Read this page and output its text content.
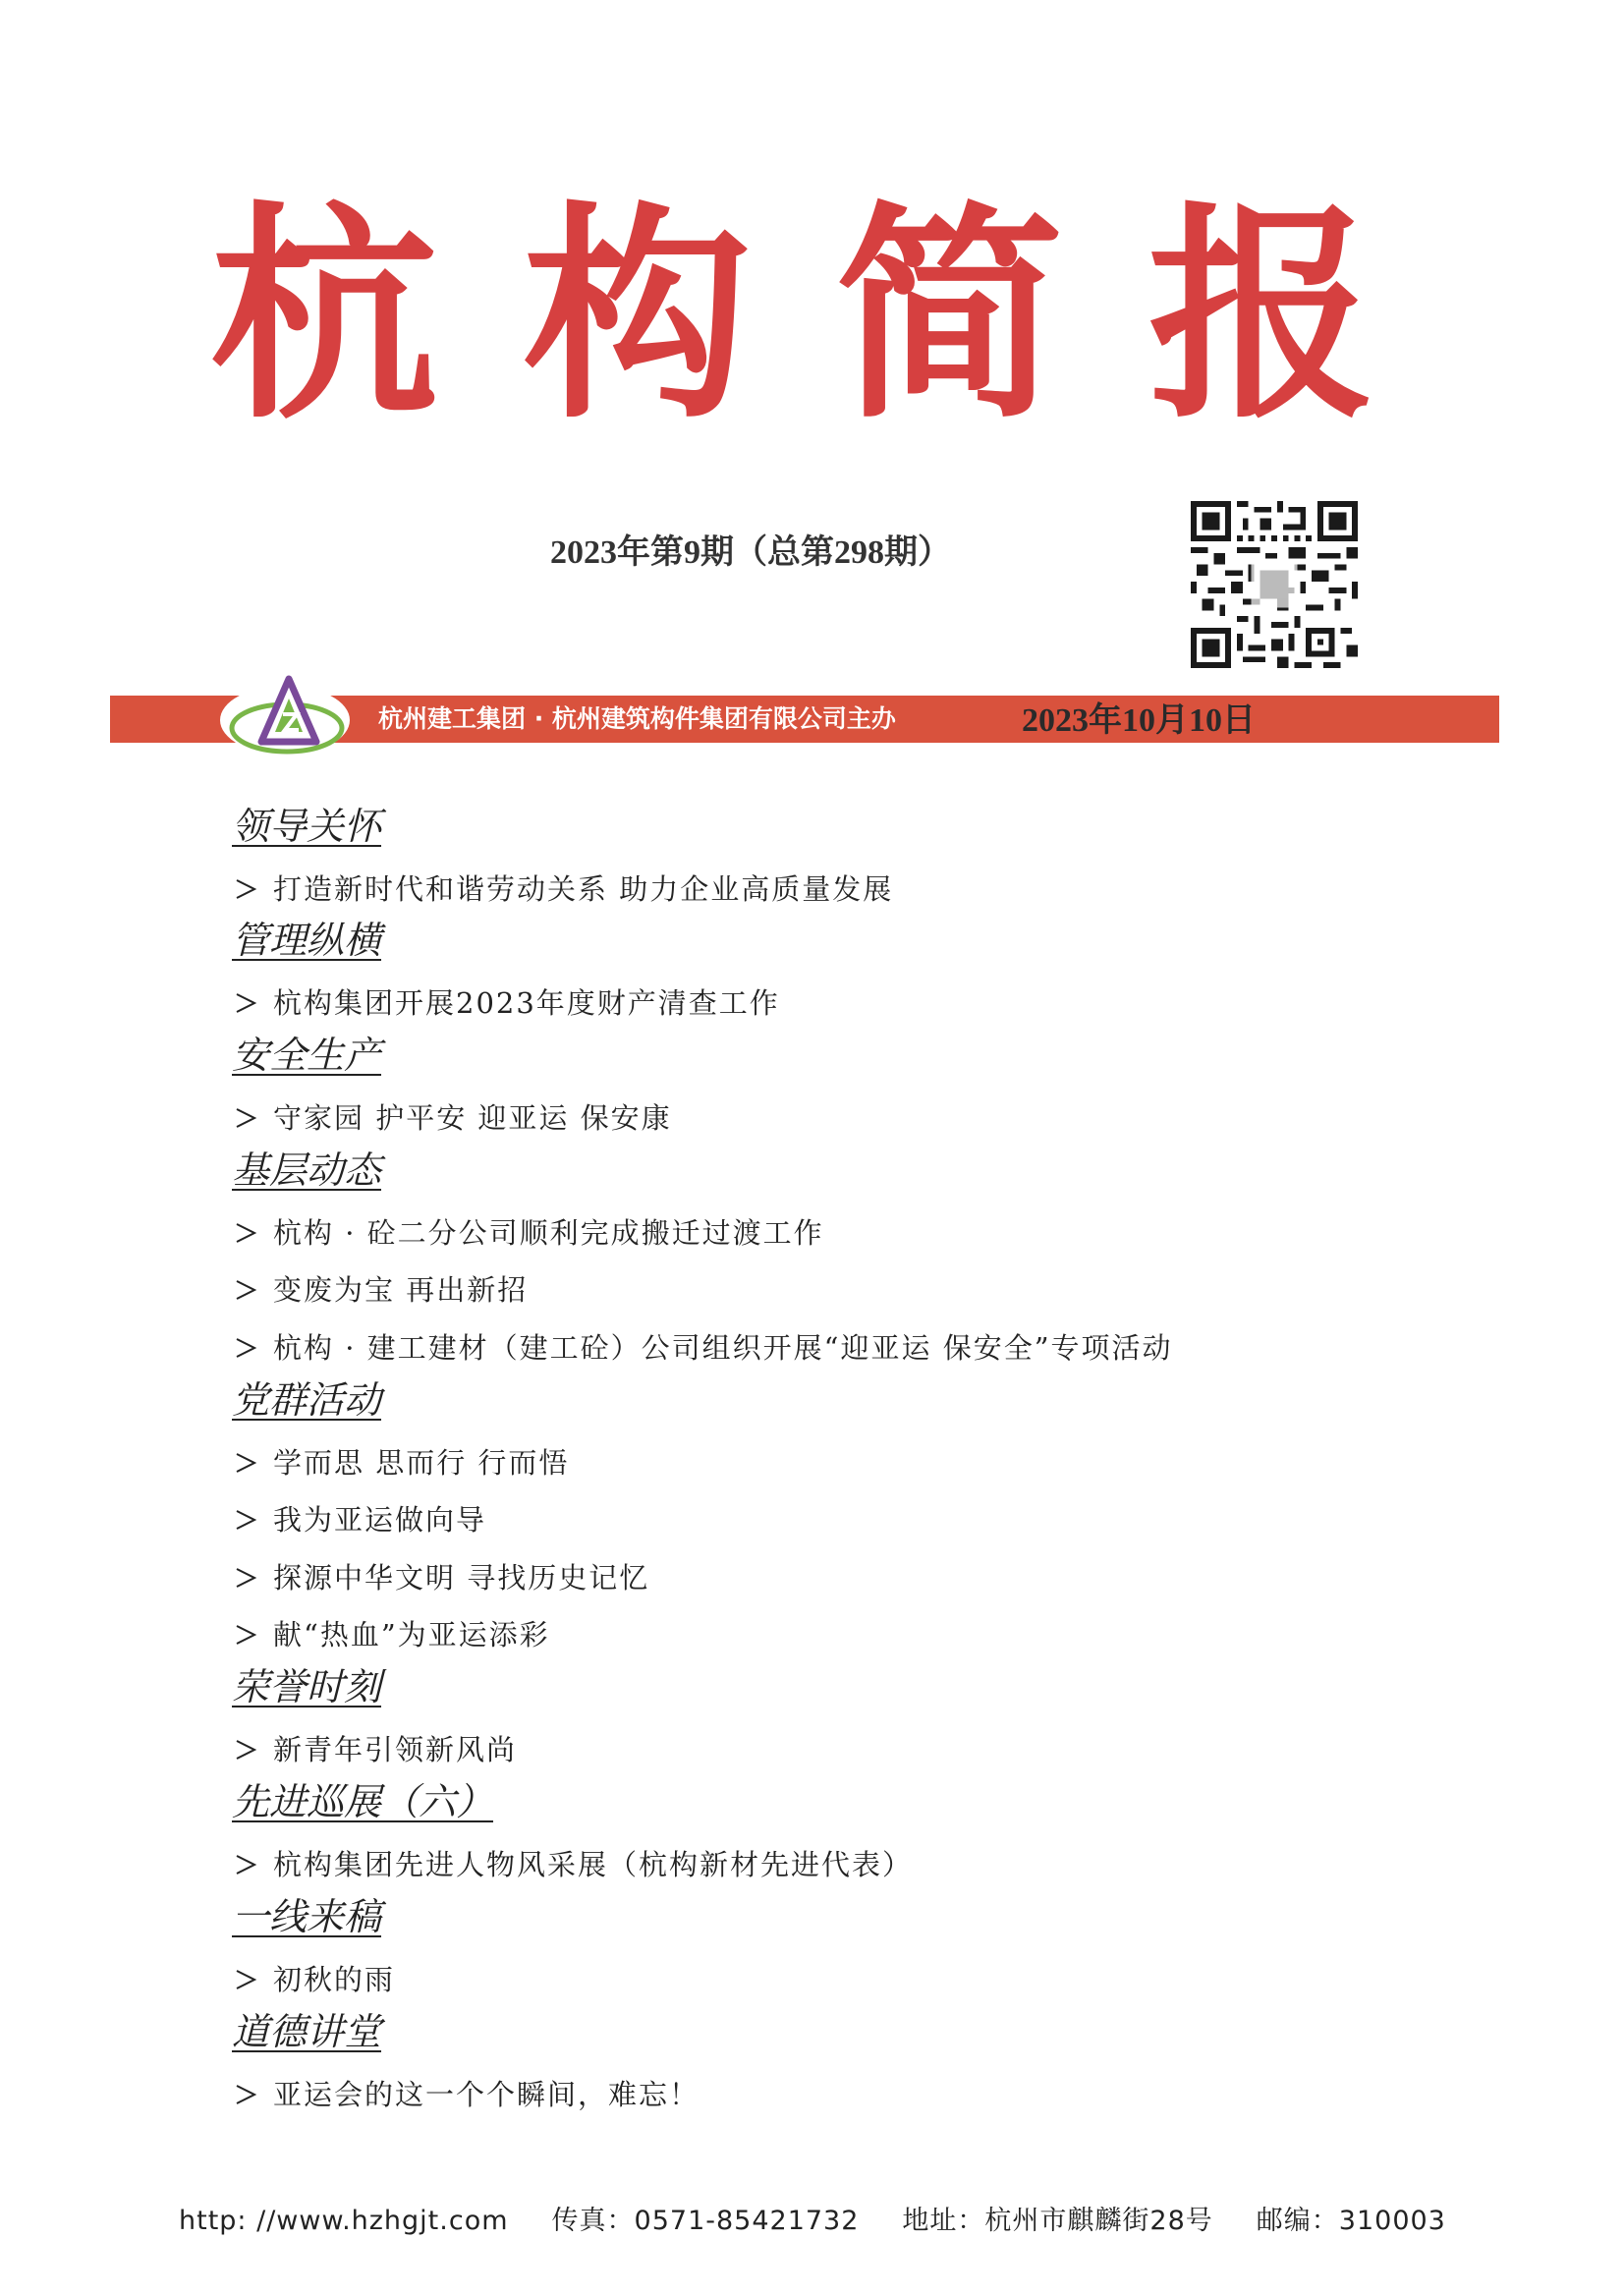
杭 构 简 报
2023年第9期（总第298期）
杭州建工集团 · 杭州建筑构件集团有限公司主办	2023年10月10日
领导关怀
打造新时代和谐劳动关系 助力企业高质量发展
管理纵横
杭构集团开展2023年度财产清查工作
安全生产
守家园 护平安 迎亚运 保安康
基层动态
杭构 · 砼二分公司顺利完成搬迁过渡工作
变废为宝 再出新招
杭构 · 建工建材（建工砼）公司组织开展“迎亚运 保安全”专项活动
党群活动
学而思 思而行 行而悟
我为亚运做向导
探源中华文明 寻找历史记忆
献“热血”为亚运添彩
荣誉时刻
新青年引领新风尚
先进巡展（六）
杭构集团先进人物风采展（杭构新材先进代表）
一线来稿
初秋的雨
道德讲堂
亚运会的这一个个瞬间，难忘！
http: //www.hzhgjt.com 传真：0571-85421732 地址：杭州市麒麟街28号 邮编：310003
